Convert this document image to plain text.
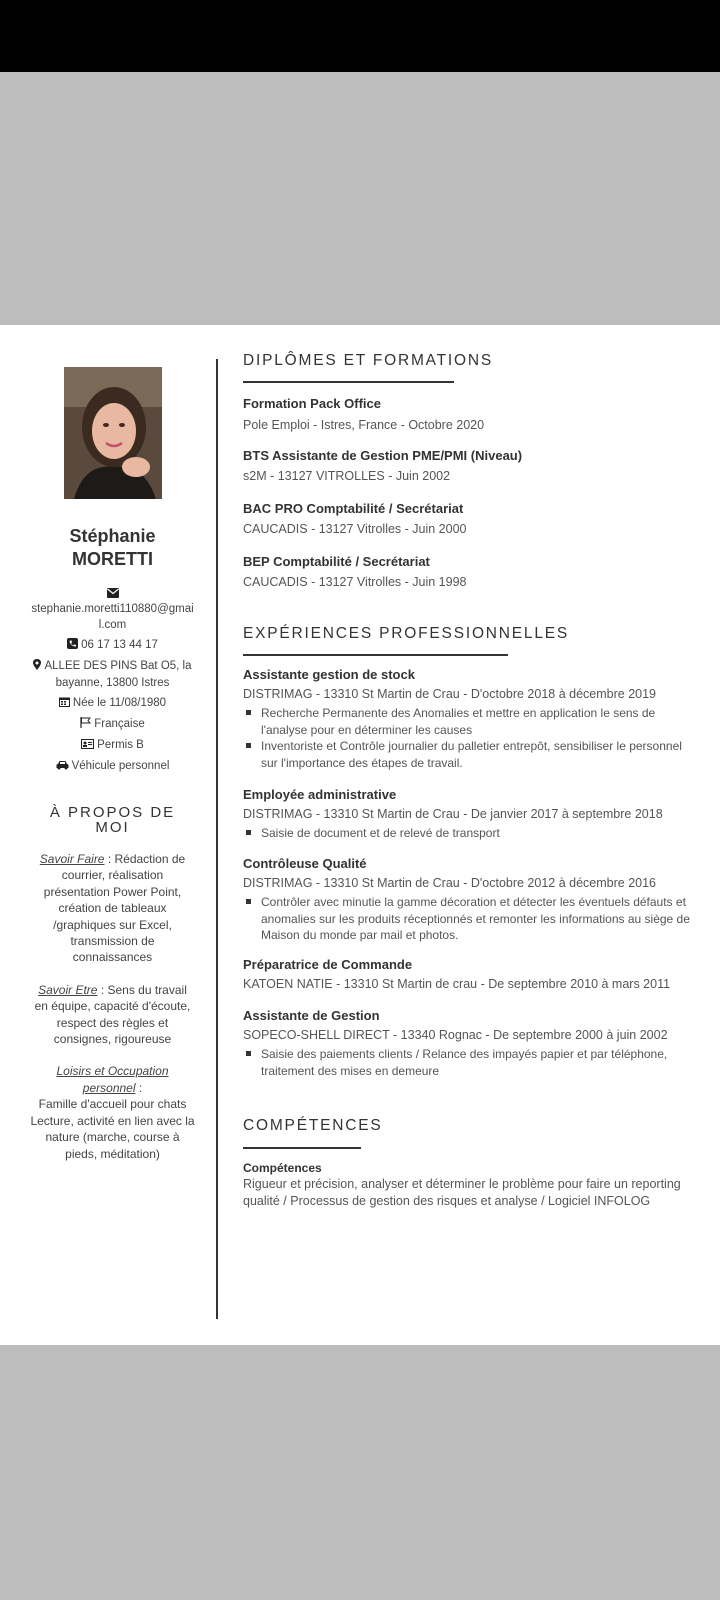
Stéphanie
MORETTI
stephanie.moretti110880@gmail.com
06 17 13 44 17
ALLEE DES PINS Bat O5, la bayanne, 13800 Istres
Née le 11/08/1980
Française
Permis B
Véhicule personnel
À PROPOS DE MOI

Savoir Faire : Rédaction de courrier, réalisation présentation Power Point, création de tableaux /graphiques sur Excel, transmission de connaissances

Savoir Etre : Sens du travail en équipe, capacité d'écoute, respect des règles et consignes, rigoureuse

Loisirs et Occupation personnel :
Famille d'accueil pour chats Lecture, activité en lien avec la nature (marche, course à pieds, méditation)

DIPLÔMES ET FORMATIONS
Formation Pack Office
Pole Emploi - Istres, France - Octobre 2020
BTS Assistante de Gestion PME/PMI (Niveau)
s2M - 13127 VITROLLES - Juin 2002
BAC PRO Comptabilité / Secrétariat
CAUCADIS - 13127 Vitrolles - Juin 2000
BEP Comptabilité / Secrétariat
CAUCADIS - 13127 Vitrolles - Juin 1998
EXPÉRIENCES PROFESSIONNELLES
Assistante gestion de stock
DISTRIMAG - 13310 St Martin de Crau - D'octobre 2018 à décembre 2019
Recherche Permanente des Anomalies et mettre en application le sens de l'analyse pour en déterminer les causes
Inventoriste et Contrôle journalier du palletier entrepôt, sensibiliser le personnel sur l'importance des étapes de travail.
Employée administrative
DISTRIMAG - 13310 St Martin de Crau - De janvier 2017 à septembre 2018
Saisie de document et de relevé de transport
Contrôleuse Qualité
DISTRIMAG - 13310 St Martin de Crau - D'octobre 2012 à décembre 2016
Contrôler avec minutie la gamme décoration et détecter les éventuels défauts et anomalies sur les produits réceptionnés et remonter les informations au siège de Maison du monde par mail et photos.
Préparatrice de Commande
KATOEN NATIE - 13310 St Martin de crau - De septembre 2010 à mars 2011
Assistante de Gestion
SOPECO-SHELL DIRECT - 13340 Rognac - De septembre 2000 à juin 2002
Saisie des paiements clients / Relance des impayés papier et par téléphone, traitement des mises en demeure
COMPÉTENCES
Compétences
Rigueur et précision, analyser et déterminer le problème pour faire un reporting qualité / Processus de gestion des risques et analyse / Logiciel INFOLOG
